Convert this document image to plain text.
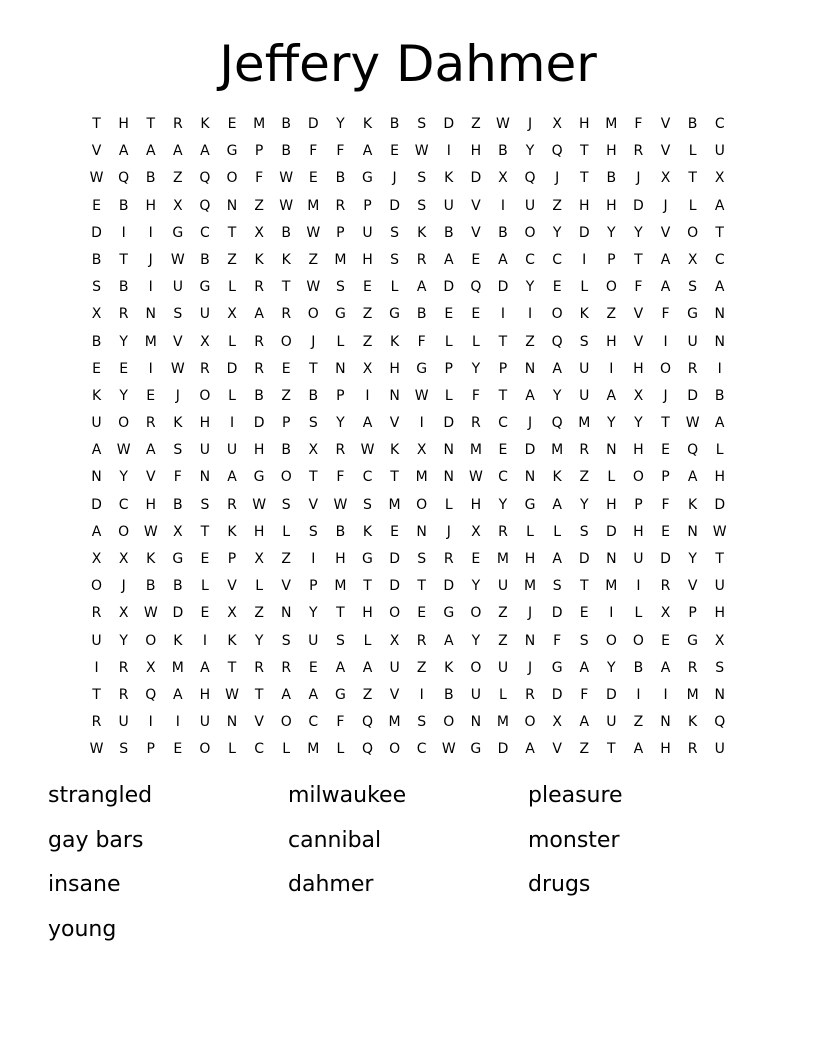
Jeffery Dahmer
T	H	T	R	K	E	M	B	D	Y	K	B	S	D	Z	W	J	X	H	M	F	V	B	C
V	A	A	A	A	G	P	B	F	F	A	E	W	I	H	B	Y	Q	T	H	R	V	L	U
W	Q	B	Z	Q	O	F	W	E	B	G	J	S	K	D	X	Q	J	T	B	J	X	T	X
E	B	H	X	Q	N	Z	W	M	R	P	D	S	U	V	I	U	Z	H	H	D	J	L	A
D	I	I	G	C	T	X	B	W	P	U	S	K	B	V	B	O	Y	D	Y	Y	V	O	T
B	T	J	W	B	Z	K	K	Z	M	H	S	R	A	E	A	C	C	I	P	T	A	X	C
S	B	I	U	G	L	R	T	W	S	E	L	A	D	Q	D	Y	E	L	O	F	A	S	A
X	R	N	S	U	X	A	R	O	G	Z	G	B	E	E	I	I	O	K	Z	V	F	G	N
B	Y	M	V	X	L	R	O	J	L	Z	K	F	L	L	T	Z	Q	S	H	V	I	U	N
E	E	I	W	R	D	R	E	T	N	X	H	G	P	Y	P	N	A	U	I	H	O	R	I
K	Y	E	J	O	L	B	Z	B	P	I	N	W	L	F	T	A	Y	U	A	X	J	D	B
U	O	R	K	H	I	D	P	S	Y	A	V	I	D	R	C	J	Q	M	Y	Y	T	W	A
A	W	A	S	U	U	H	B	X	R	W	K	X	N	M	E	D	M	R	N	H	E	Q	L
N	Y	V	F	N	A	G	O	T	F	C	T	M	N	W	C	N	K	Z	L	O	P	A	H
D	C	H	B	S	R	W	S	V	W	S	M	O	L	H	Y	G	A	Y	H	P	F	K	D
A	O	W	X	T	K	H	L	S	B	K	E	N	J	X	R	L	L	S	D	H	E	N	W
X	X	K	G	E	P	X	Z	I	H	G	D	S	R	E	M	H	A	D	N	U	D	Y	T
O	J	B	B	L	V	L	V	P	M	T	D	T	D	Y	U	M	S	T	M	I	R	V	U
R	X	W	D	E	X	Z	N	Y	T	H	O	E	G	O	Z	J	D	E	I	L	X	P	H
U	Y	O	K	I	K	Y	S	U	S	L	X	R	A	Y	Z	N	F	S	O	O	E	G	X
I	R	X	M	A	T	R	R	E	A	A	U	Z	K	O	U	J	G	A	Y	B	A	R	S
T	R	Q	A	H	W	T	A	A	G	Z	V	I	B	U	L	R	D	F	D	I	I	M	N
R	U	I	I	U	N	V	O	C	F	Q	M	S	O	N	M	O	X	A	U	Z	N	K	Q
W	S	P	E	O	L	C	L	M	L	Q	O	C	W	G	D	A	V	Z	T	A	H	R	U
strangled	milwaukee	pleasure
gay bars	cannibal	monster
insane	dahmer	drugs
young
